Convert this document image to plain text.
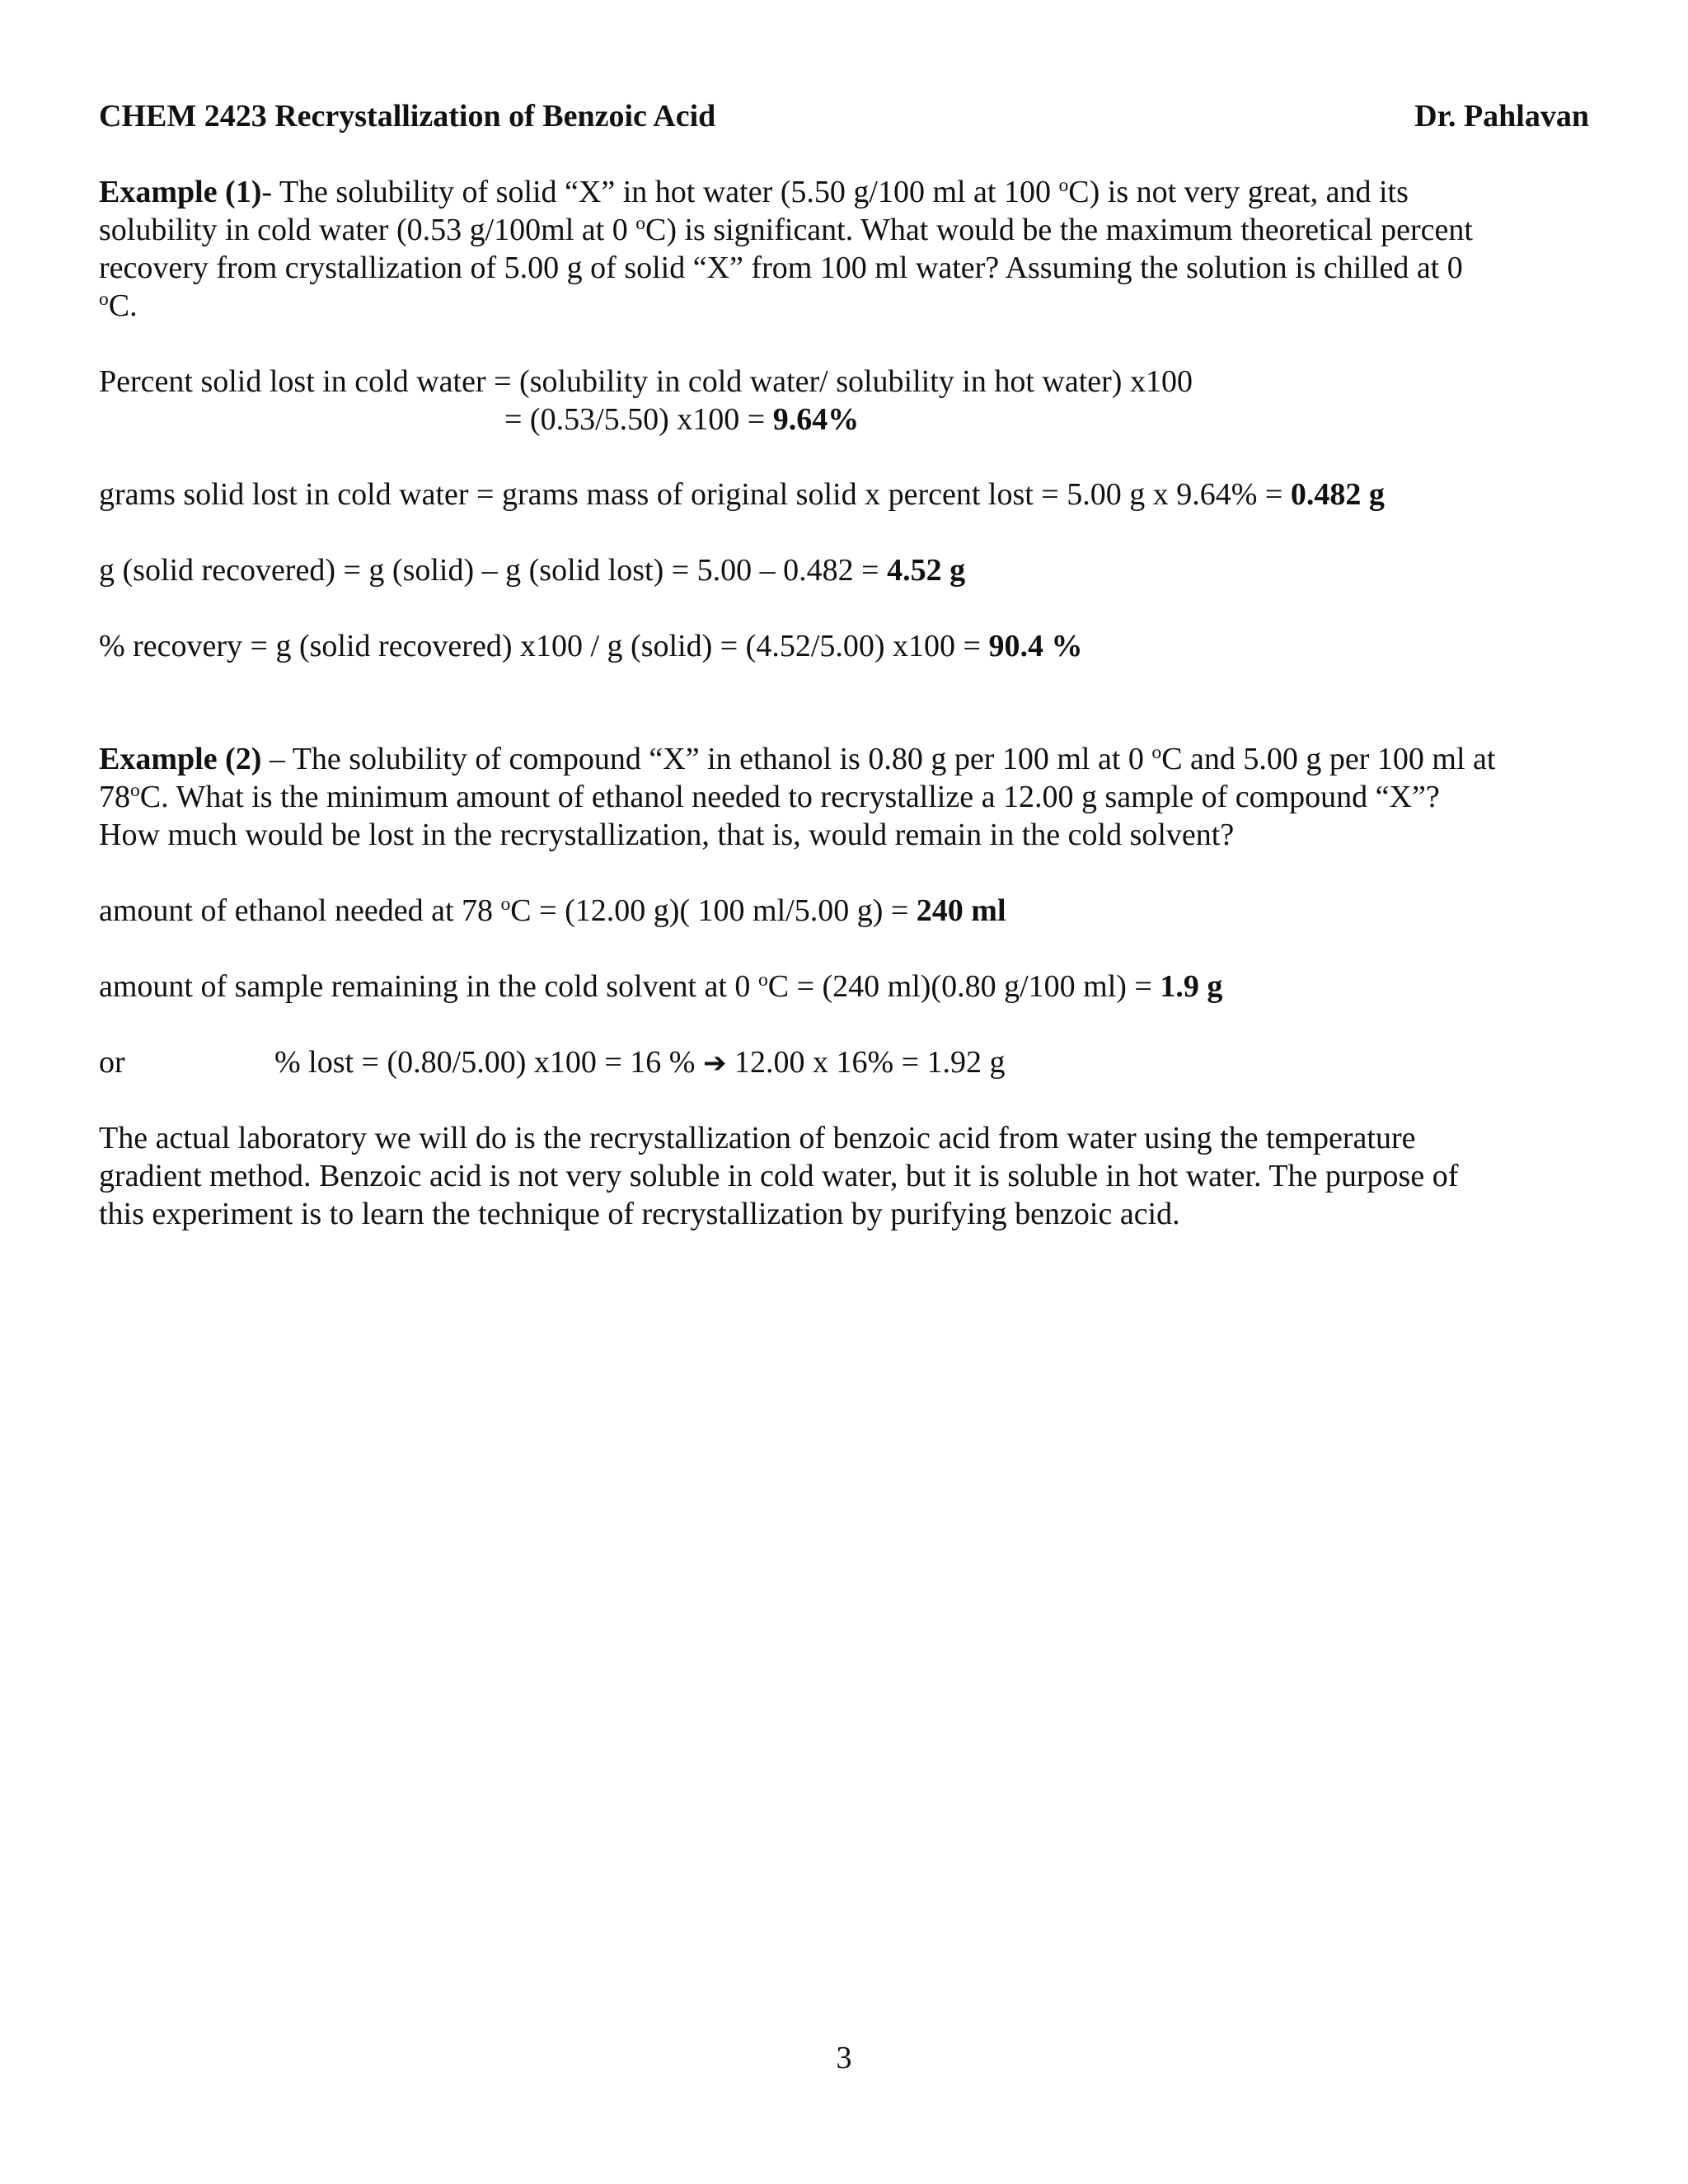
CHEM 2423 Recrystallization of Benzoic Acid	Dr. Pahlavan
Example (1)- The solubility of solid “X” in hot water (5.50 g/100 ml at 100 $^o$C) is not very great, and its
solubility in cold water (0.53 g/100ml at 0 $^o$C) is significant. What would be the maximum theoretical percent
recovery from crystallization of 5.00 g of solid “X” from 100 ml water? Assuming the solution is chilled at 0
$^o$C.
Percent solid lost in cold water = (solubility in cold water/ solubility in hot water) x100
= (0.53/5.50) x100 = 9.64%
grams solid lost in cold water = grams mass of original solid x percent lost = 5.00 g x 9.64% = 0.482 g
g (solid recovered) = g (solid) – g (solid lost) = 5.00 – 0.482 = 4.52 g
% recovery = g (solid recovered) x100 / g (solid) = (4.52/5.00) x100 = 90.4 %
Example (2) – The solubility of compound “X” in ethanol is 0.80 g per 100 ml at 0 $^o$C and 5.00 g per 100 ml at
78$^o$C. What is the minimum amount of ethanol needed to recrystallize a 12.00 g sample of compound “X”?
How much would be lost in the recrystallization, that is, would remain in the cold solvent?
amount of ethanol needed at 78 $^o$C = (12.00 g)( 100 ml/5.00 g) = 240 ml
amount of sample remaining in the cold solvent at 0 $^o$C = (240 ml)(0.80 g/100 ml) = 1.9 g
or	% lost = (0.80/5.00) x100 = 16 % ➔ 12.00 x 16% = 1.92 g
The actual laboratory we will do is the recrystallization of benzoic acid from water using the temperature
gradient method. Benzoic acid is not very soluble in cold water, but it is soluble in hot water. The purpose of
this experiment is to learn the technique of recrystallization by purifying benzoic acid.
3
